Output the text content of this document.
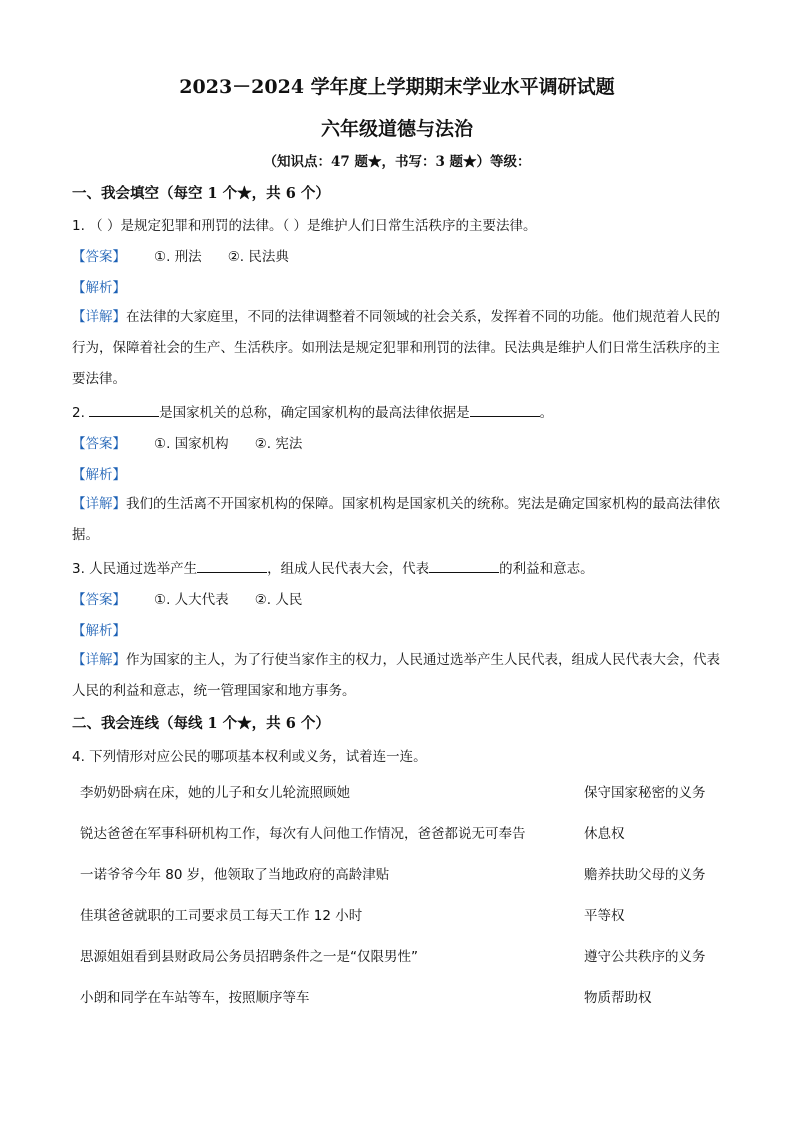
2023－2024 学年度上学期期末学业水平调研试题
六年级道德与法治
（知识点：47 题★，书写：3 题★）等级：
一、我会填空（每空 1 个★，共 6 个）
1. （ ）是规定犯罪和刑罚的法律。（ ）是维护人们日常生活秩序的主要法律。
【答案】 ①. 刑法 ②. 民法典
【解析】
【详解】在法律的大家庭里，不同的法律调整着不同领域的社会关系，发挥着不同的功能。他们规范着人民的行为，保障着社会的生产、生活秩序。如刑法是规定犯罪和刑罚的法律。民法典是维护人们日常生活秩序的主要法律。
2.	是国家机关的总称，确定国家机构的最高法律依据是	。
【答案】 ①. 国家机构 ②. 宪法
【解析】
【详解】我们的生活离不开国家机构的保障。国家机构是国家机关的统称。宪法是确定国家机构的最高法律依据。
3. 人民通过选举产生	，组成人民代表大会，代表	的利益和意志。
【答案】 ①. 人大代表 ②. 人民
【解析】
【详解】作为国家的主人，为了行使当家作主的权力，人民通过选举产生人民代表，组成人民代表大会，代表人民的利益和意志，统一管理国家和地方事务。
二、我会连线（每线 1 个★，共 6 个）
4. 下列情形对应公民的哪项基本权利或义务，试着连一连。
李奶奶卧病在床，她的儿子和女儿轮流照顾她
锐达爸爸在军事科研机构工作，每次有人问他工作情况，爸爸都说无可奉告
一诺爷爷今年 80 岁，他领取了当地政府的高龄津贴
佳琪爸爸就职的工司要求员工每天工作 12 小时
思源姐姐看到县财政局公务员招聘条件之一是“仅限男性”
小朗和同学在车站等车，按照顺序等车
保守国家秘密的义务
休息权
赡养扶助父母的义务
平等权
遵守公共秩序的义务
物质帮助权
